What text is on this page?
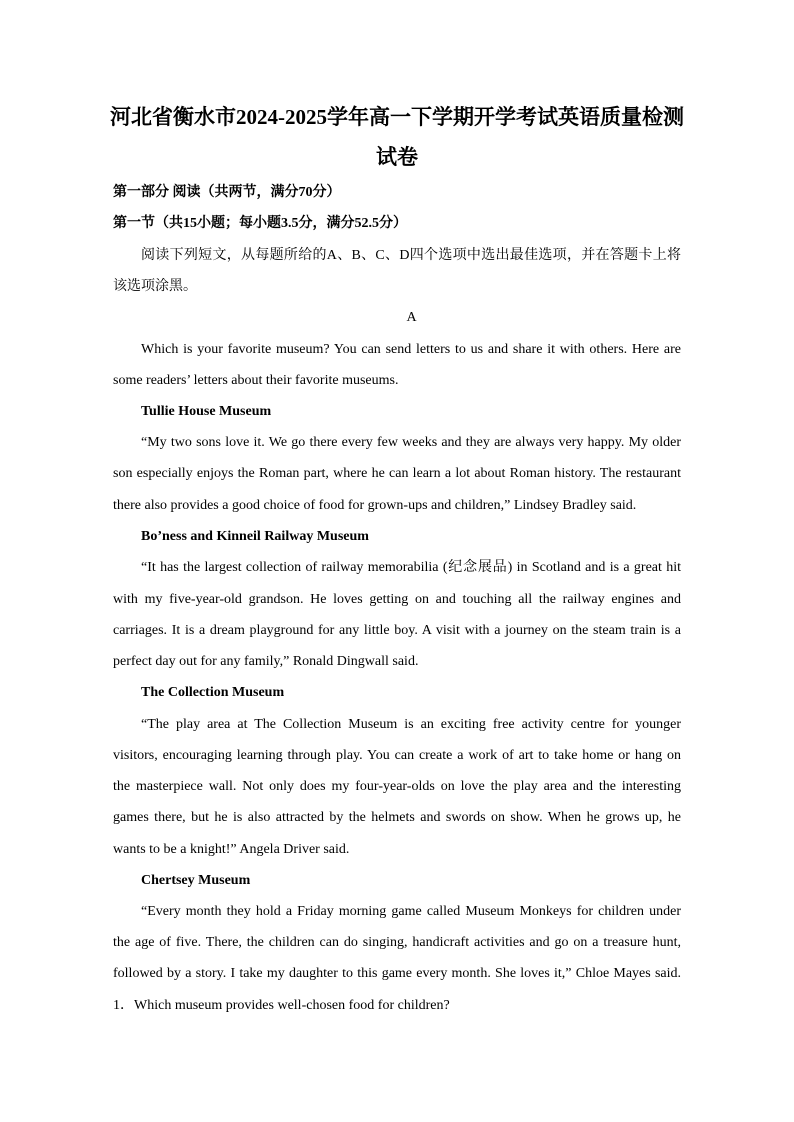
河北省衡水市2024-2025学年高一下学期开学考试英语质量检测
试卷
第一部分 阅读（共两节，满分70分）
第一节（共15小题；每小题3.5分，满分52.5分）
阅读下列短文，从每题所给的A、B、C、D四个选项中选出最佳选项，并在答题卡上将
该选项涂黑。
A
Which is your favorite museum? You can send letters to us and share it with others. Here are
some readers’ letters about their favorite museums.
Tullie House Museum
“My two sons love it. We go there every few weeks and they are always very happy. My older
son especially enjoys the Roman part, where he can learn a lot about Roman history. The restaurant
there also provides a good choice of food for grown-ups and children,” Lindsey Bradley said.
Bo’ness and Kinneil Railway Museum
“It has the largest collection of railway memorabilia (纪念展品) in Scotland and is a great hit
with my five-year-old grandson. He loves getting on and touching all the railway engines and
carriages. It is a dream playground for any little boy. A visit with a journey on the steam train is a
perfect day out for any family,” Ronald Dingwall said.
The Collection Museum
“The play area at The Collection Museum is an exciting free activity centre for younger
visitors, encouraging learning through play. You can create a work of art to take home or hang on
the masterpiece wall. Not only does my four-year-olds on love the play area and the interesting
games there, but he is also attracted by the helmets and swords on show. When he grows up, he
wants to be a knight!” Angela Driver said.
Chertsey Museum
“Every month they hold a Friday morning game called Museum Monkeys for children under
the age of five. There, the children can do singing, handicraft activities and go on a treasure hunt,
followed by a story. I take my daughter to this game every month. She loves it,” Chloe Mayes said.
1．Which museum provides well-chosen food for children?
